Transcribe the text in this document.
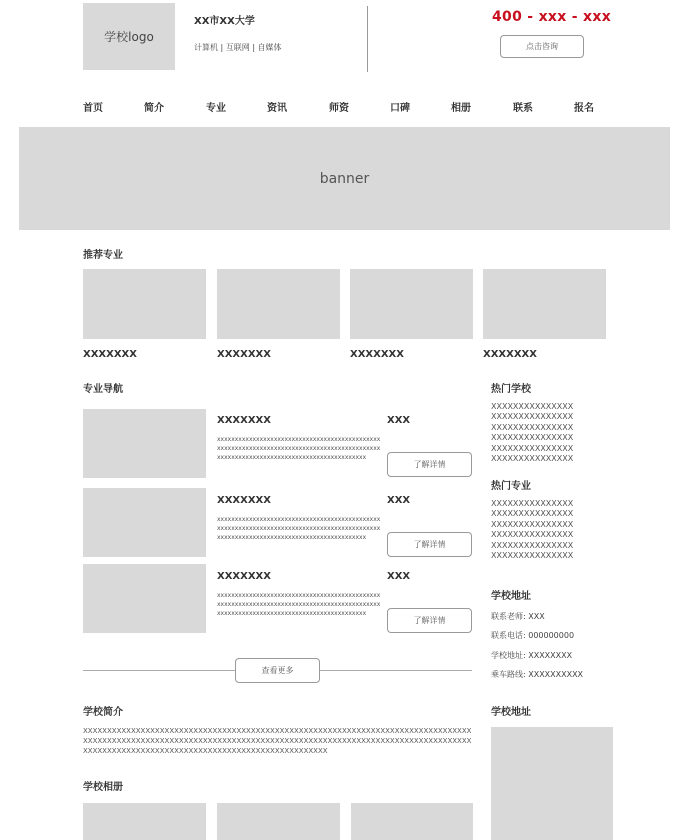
学校logo
XX市XX大学
计算机 | 互联网 | 自媒体
400 - xxx - xxx
点击咨询
首页	简介	专业	资讯	师资	口碑	相册	联系	报名
banner
推荐专业
XXXXXXX	XXXXXXX	XXXXXXX	XXXXXXX
专业导航
XXXXXXX	XXX
xxxxxxxxxxxxxxxxxxxxxxxxxxxxxxxxxxxxxxxxxxxxxxxxxxxxxxxxxxxxxxxxxxxxxxxxxxxxxxxxxxxxxxxxxxxxxxxxxxxxxxxxxxxxxxxxxxxxxxxxxxxxxxxxxxxxxx
了解详情
XXXXXXX	XXX
xxxxxxxxxxxxxxxxxxxxxxxxxxxxxxxxxxxxxxxxxxxxxxxxxxxxxxxxxxxxxxxxxxxxxxxxxxxxxxxxxxxxxxxxxxxxxxxxxxxxxxxxxxxxxxxxxxxxxxxxxxxxxxxxxxxxxx
了解详情
XXXXXXX	XXX
xxxxxxxxxxxxxxxxxxxxxxxxxxxxxxxxxxxxxxxxxxxxxxxxxxxxxxxxxxxxxxxxxxxxxxxxxxxxxxxxxxxxxxxxxxxxxxxxxxxxxxxxxxxxxxxxxxxxxxxxxxxxxxxxxxxxxx
了解详情
查看更多
热门学校
XXXXXXXXXXXXXXX
XXXXXXXXXXXXXXX
XXXXXXXXXXXXXXX
XXXXXXXXXXXXXXX
XXXXXXXXXXXXXXX
XXXXXXXXXXXXXXX
热门专业
XXXXXXXXXXXXXXX
XXXXXXXXXXXXXXX
XXXXXXXXXXXXXXX
XXXXXXXXXXXXXXX
XXXXXXXXXXXXXXX
XXXXXXXXXXXXXXX
学校地址
联系老师: XXX
联系电话: 000000000
学校地址: XXXXXXXX
乘车路线: XXXXXXXXXX
学校地址
学校简介
XXXXXXXXXXXXXXXXXXXXXXXXXXXXXXXXXXXXXXXXXXXXXXXXXXXXXXXXXXXXXXXXXXXXXXXXXXXXXXXXXXXXXXXXXXXXXXXXXXXXXXXXXXXXXXXXXXXXXXXXXXXXXXXXXXXXXXXXXXXXXXXXXXXXXXXXXXXXXXXXXXXXXXXXXXXXXXXXXXXXXXXXXXXXXXXXXXXXXXXXXXXXXXXXXXXXX
学校相册
